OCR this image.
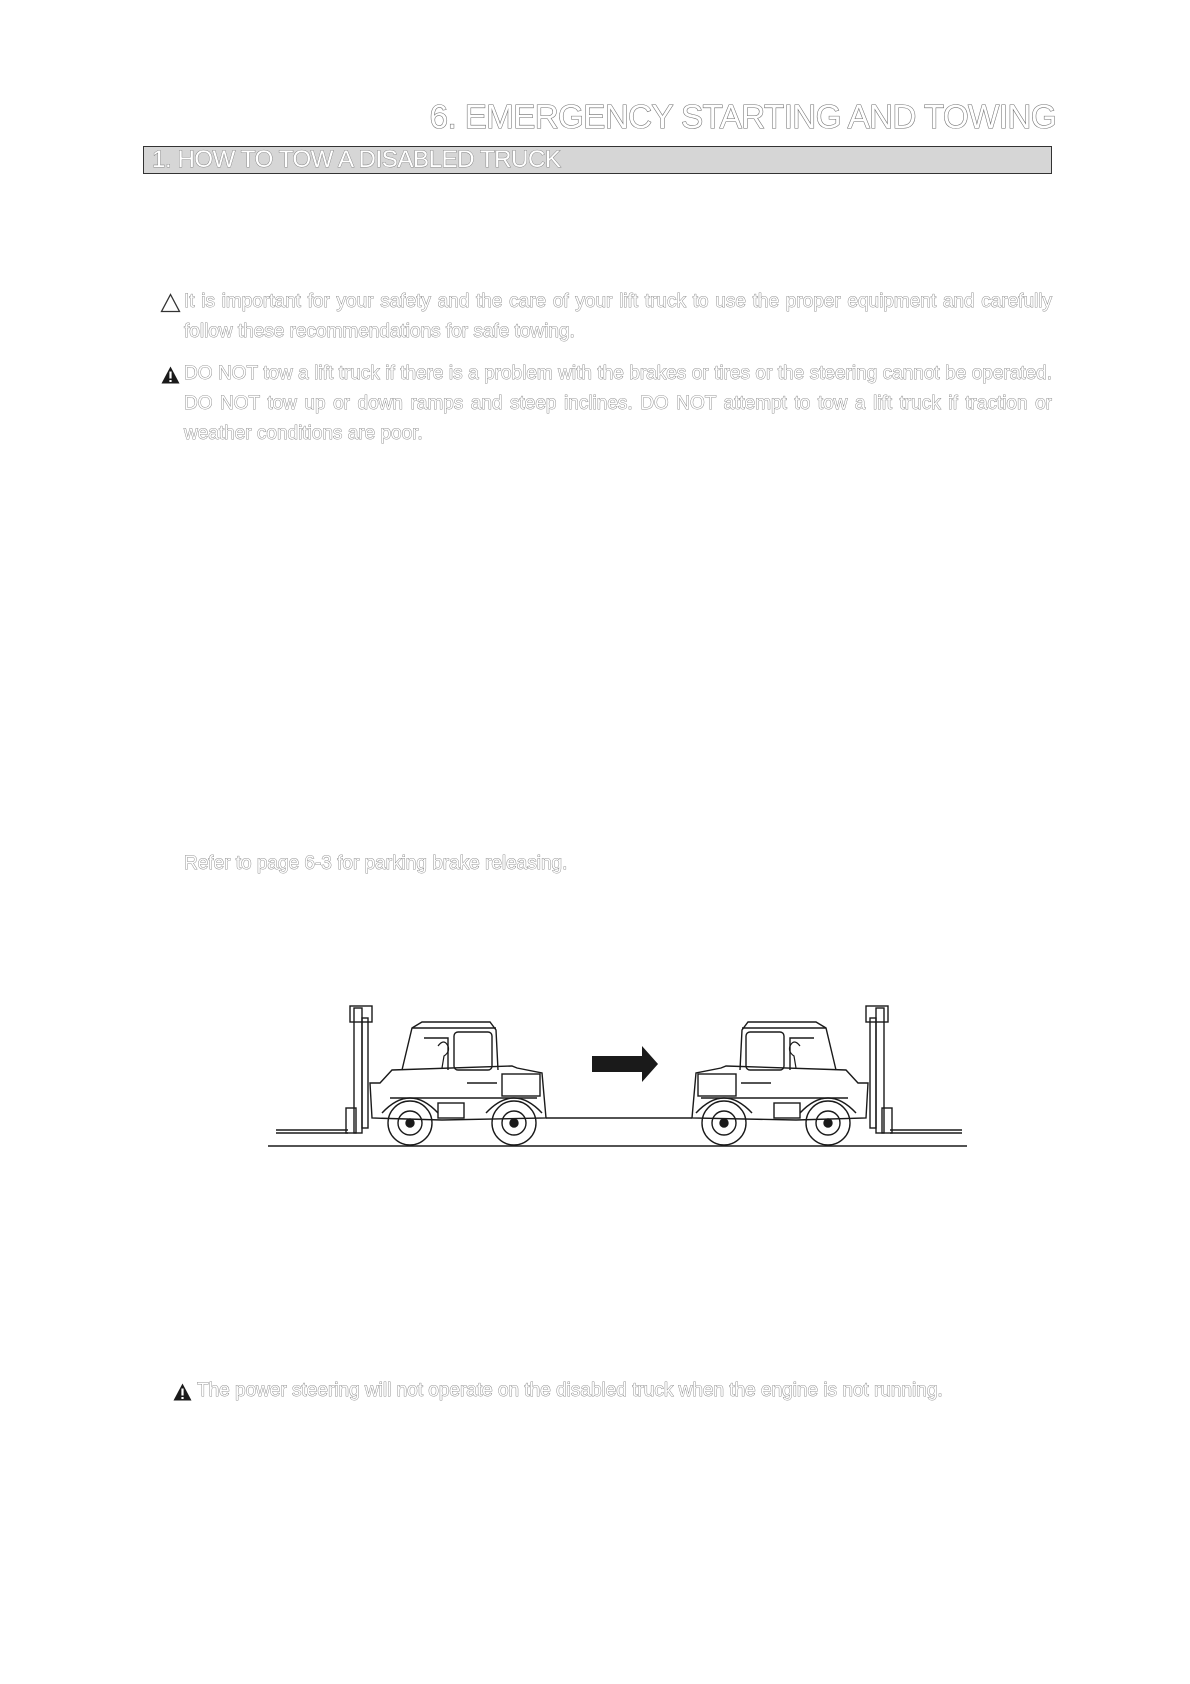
6. EMERGENCY STARTING AND TOWING
1. HOW TO TOW A DISABLED TRUCK
It is important for your safety and the care of your lift truck to use the proper equipment and carefully follow these recommendations for safe towing.
DO NOT tow a lift truck if there is a problem with the brakes or tires or the steering cannot be operated. DO NOT tow up or down ramps and steep inclines. DO NOT attempt to tow a lift truck if traction or weather conditions are poor.
Refer to page 6-3 for parking brake releasing.
The power steering will not operate on the disabled truck when the engine is not running.
